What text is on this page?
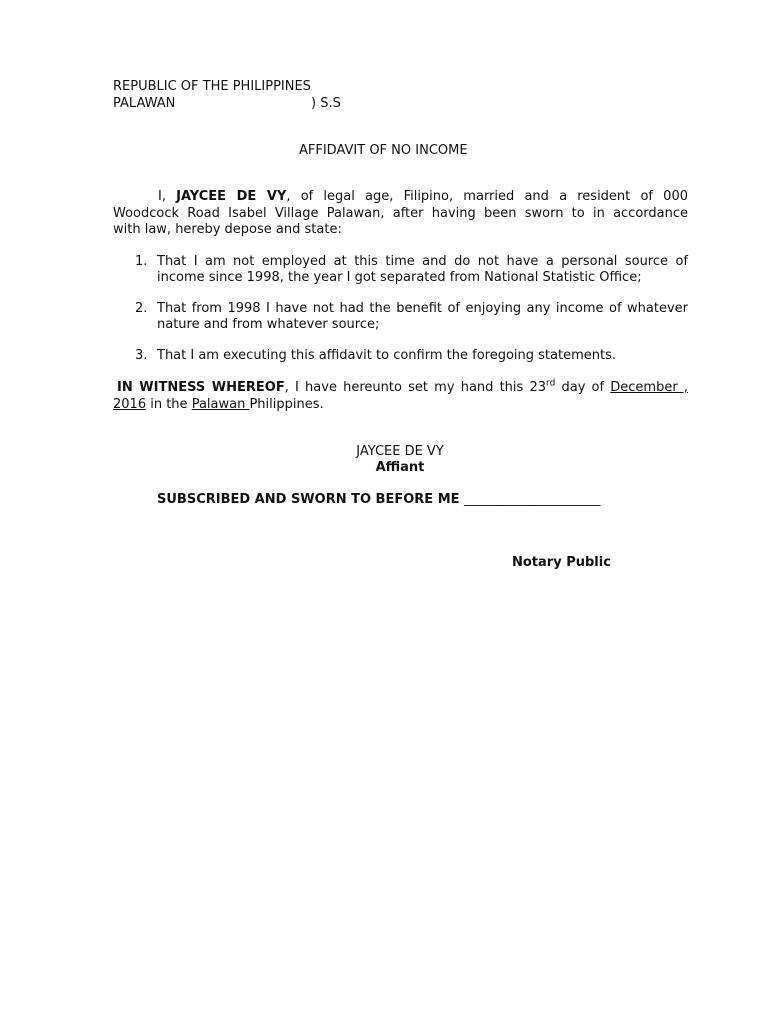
REPUBLIC OF THE PHILIPPINES
PALAWAN	) S.S
AFFIDAVIT OF NO INCOME
I, JAYCEE DE VY, of legal age, Filipino, married and a resident of 000
Woodcock Road Isabel Village Palawan, after having been sworn to in accordance
with law, hereby depose and state:
1. That I am not employed at this time and do not have a personal source of
income since 1998, the year I got separated from National Statistic Office;
2. That from 1998 I have not had the benefit of enjoying any income of whatever
nature and from whatever source;
3. That I am executing this affidavit to confirm the foregoing statements.
IN WITNESS WHEREOF, I have hereunto set my hand this 23rd day of December ,
2016 in the Palawan Philippines.
JAYCEE DE VY
Affiant
SUBSCRIBED AND SWORN TO BEFORE ME _____________________
Notary Public
